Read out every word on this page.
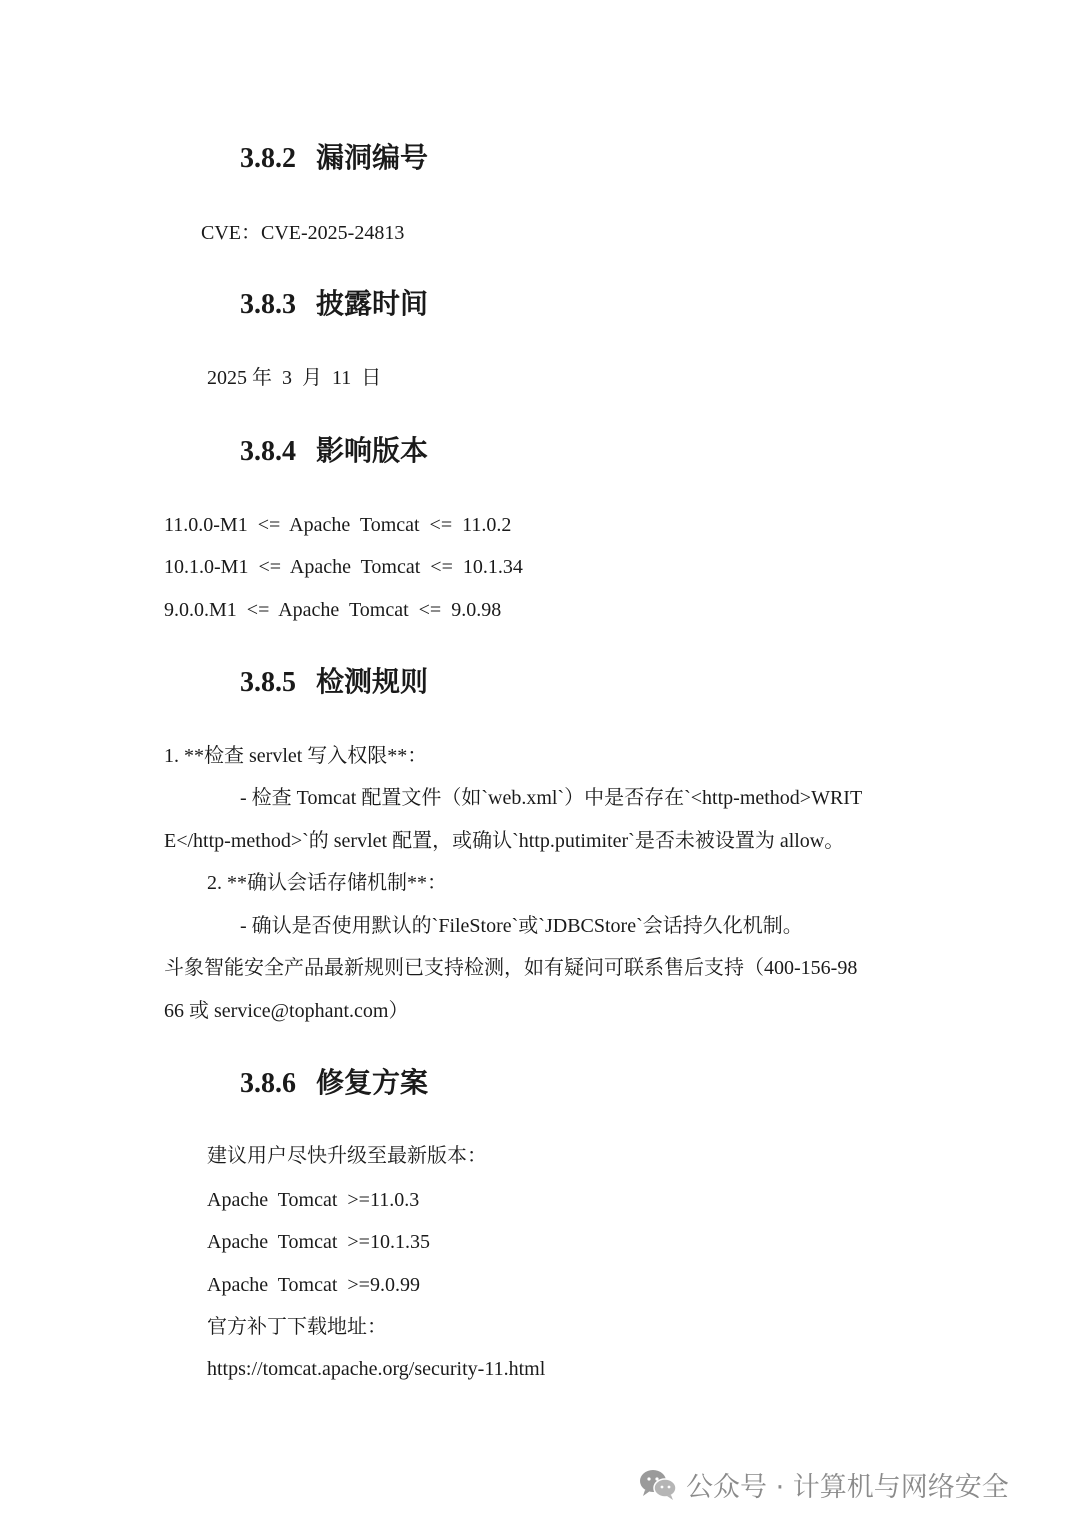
3.8.2 漏洞编号
CVE：CVE-2025-24813
3.8.3 披露时间
2025 年  3  月  11  日
3.8.4 影响版本
11.0.0-M1  <=  Apache  Tomcat  <=  11.0.2
10.1.0-M1  <=  Apache  Tomcat  <=  10.1.34
9.0.0.M1  <=  Apache  Tomcat  <=  9.0.98
3.8.5 检测规则
1. **检查 servlet 写入权限**：
- 检查 Tomcat 配置文件（如`web.xml`）中是否存在`<http-method>WRIT
E</http-method>`的 servlet 配置，或确认`http.putimiter`是否未被设置为 allow。
2. **确认会话存储机制**：
- 确认是否使用默认的`FileStore`或`JDBCStore`会话持久化机制。
斗象智能安全产品最新规则已支持检测，如有疑问可联系售后支持（400-156-98
66 或 service@tophant.com）
3.8.6 修复方案
建议用户尽快升级至最新版本：
Apache  Tomcat  >=11.0.3
Apache  Tomcat  >=10.1.35
Apache  Tomcat  >=9.0.99
官方补丁下载地址：
https://tomcat.apache.org/security-11.html
公众号 · 计算机与网络安全
